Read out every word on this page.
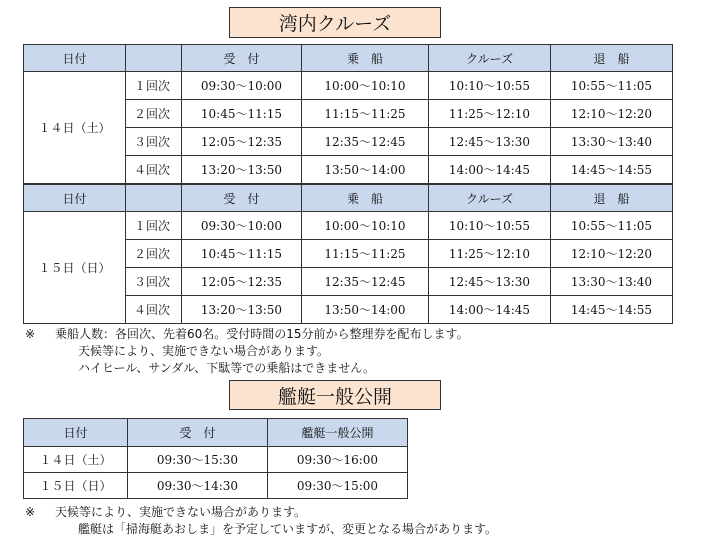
湾内クルーズ
日付		受　付	乗　船	クルーズ	退　船
１４日（土）	１回次	09:30～10:00	10:00～10:10	10:10～10:55	10:55～11:05
	２回次	10:45～11:15	11:15～11:25	11:25～12:10	12:10～12:20
	３回次	12:05～12:35	12:35～12:45	12:45～13:30	13:30～13:40
	４回次	13:20～13:50	13:50～14:00	14:00～14:45	14:45～14:55
日付		受　付	乗　船	クルーズ	退　船
１５日（日）	１回次	09:30～10:00	10:00～10:10	10:10～10:55	10:55～11:05
	２回次	10:45～11:15	11:15～11:25	11:25～12:10	12:10～12:20
	３回次	12:05～12:35	12:35～12:45	12:45～13:30	13:30～13:40
	４回次	13:20～13:50	13:50～14:00	14:00～14:45	14:45～14:55
※ 乗船人数：各回次、先着60名。受付時間の15分前から整理券を配布します。
天候等により、実施できない場合があります。
ハイヒール、サンダル、下駄等での乗船はできません。
艦艇一般公開
日付	受　付	艦艇一般公開
１４日（土）	09:30～15:30	09:30～16:00
１５日（日）	09:30～14:30	09:30～15:00
※ 天候等により、実施できない場合があります。
艦艇は「掃海艇あおしま」を予定していますが、変更となる場合があります。
